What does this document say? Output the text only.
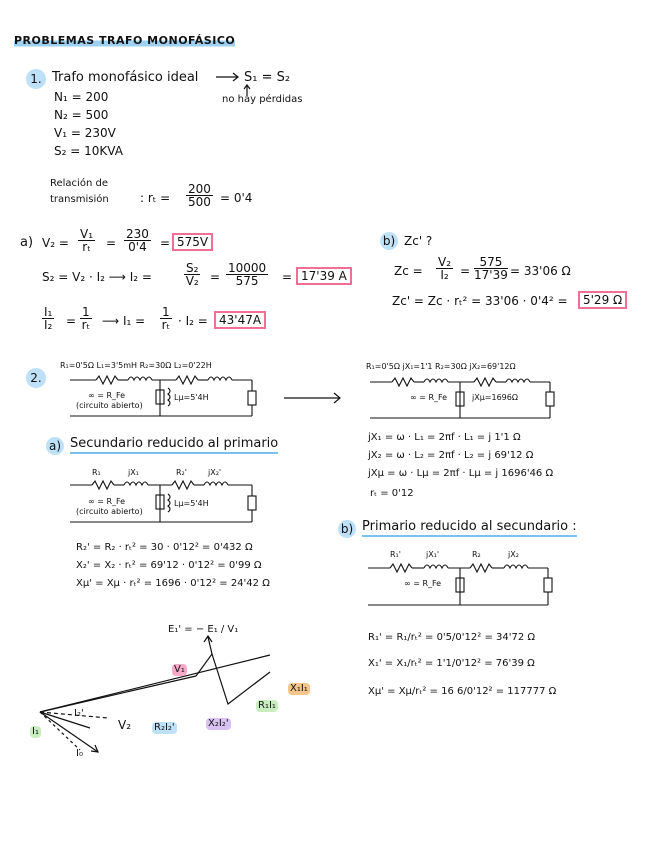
PROBLEMAS TRAFO MONOFÁSICO
1. Trafo monofásico ideal	S₁ = S₂
no hay pérdidas
N₁ = 200
N₂ = 500
V₁ = 230V
S₂ = 10KVA
Relación de
transmisión	: $r_t = \frac{200}{500} = 0'4$
a) $V_2 = \frac{\text{V₁}}{\text{rₜ}} = \frac{230}{0'4} = 575V$
S₂ = V₂ · I₂ ⟶ I₂ =	$\frac{\text{S₂}}{\text{V₂}} = \frac{10000}{575} = 17'39$ A
$\frac{\text{I₁}}{\text{I₂}} = \frac{1}{\text{rₜ}}$ ⟶ $I_1 = \frac{1}{\text{rₜ}} \cdot I_2 = 43'47A$
b) Zc' ?
$Zc = \frac{\text{V₂}}{\text{I₂}} = \frac{575}{17'39} = 33'06$ Ω
Zc' = Zc · rₜ² = 33'06 · 0'4² =	5'29 Ω
2.
R₁=0'5Ω L₁=3'5mH R₂=30Ω L₂=0'22H
∞ = R_Fe
(circuito abierto)
Lμ=5'4H
R₁=0'5Ω jX₁=1'1 R₂=30Ω jX₂=69'12Ω
∞ = R_Fe	jXμ=1696Ω
jX₁ = ω · L₁ = 2πf · L₁ = j 1'1 Ω
jX₂ = ω · L₂ = 2πf · L₂ = j 69'12 Ω
jXμ = ω · Lμ = 2πf · Lμ = j 1696'46 Ω
rₜ = 0'12
a) Secundario reducido al primario
R₁	jX₁	R₂'	jX₂'
∞ = R_Fe
(circuito abierto)
Lμ=5'4H
R₂' = R₂ · rₜ² = 30 · 0'12² = 0'432 Ω
X₂' = X₂ · rₜ² = 69'12 · 0'12² = 0'99 Ω
Xμ' = Xμ · rₜ² = 1696 · 0'12² = 24'42 Ω
b) Primario reducido al secundario :
R₁'	jX₁'	R₂	jX₂
∞ = R_Fe
R₁' = R₁/rₜ² = 0'5/0'12² = 34'72 Ω
X₁' = X₁/rₜ² = 1'1/0'12² = 76'39 Ω
Xμ' = Xμ/rₜ² = 16 6/0'12² = 117777 Ω
E₁' = − E₁ / V₁
V₁
X₁I₁
R₁I₁
X₂I₂'
R₂I₂'
V₂
I₂'
I₁
I₀
